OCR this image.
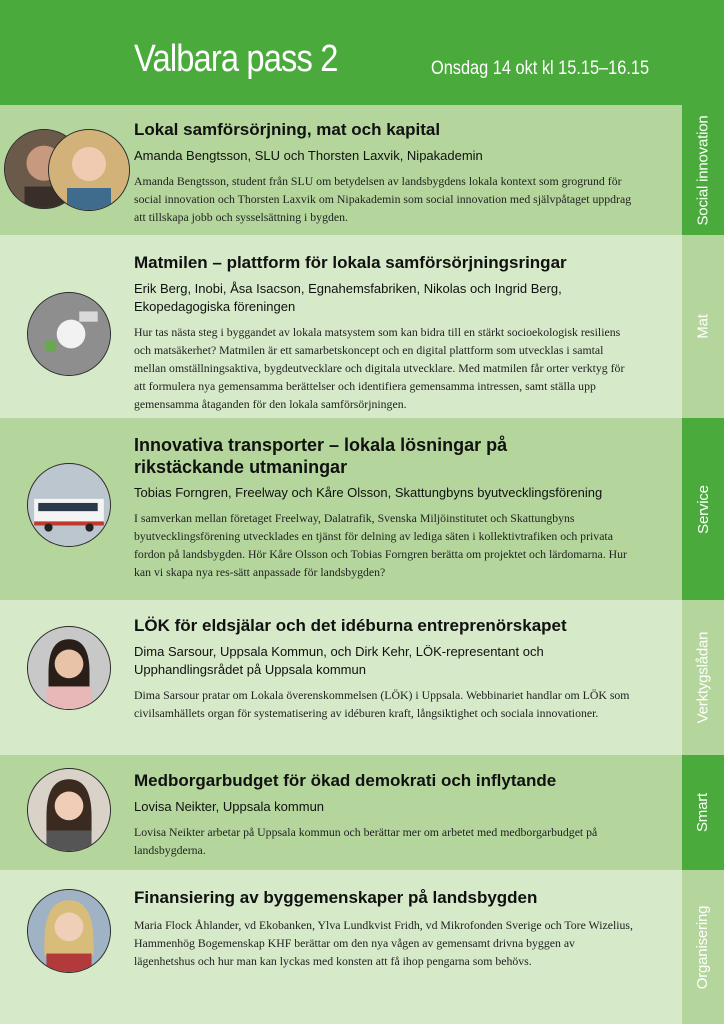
Valbara pass 2	Onsdag 14 okt kl 15.15–16.15
Lokal samförsörjning, mat och kapital
Amanda Bengtsson, SLU och Thorsten Laxvik, Nipakademin
Amanda Bengtsson, student från SLU om betydelsen av landsbygdens lokala kontext som grogrund för social innovation och Thorsten Laxvik om Nipakademin som social innovation med självpåtaget uppdrag att tillskapa jobb och sysselsättning i bygden.	Social innovation
Matmilen – plattform för lokala samförsörjningsringar
Erik Berg, Inobi, Åsa Isacson, Egnahemsfabriken, Nikolas och Ingrid Berg, Ekopedagogiska föreningen
Hur tas nästa steg i byggandet av lokala matsystem som kan bidra till en stärkt socioekologisk resiliens och matsäkerhet? Matmilen är ett samarbetskoncept och en digital plattform som utvecklas i samtal mellan omställningsaktiva, bygdeutvecklare och digitala utvecklare. Med matmilen får orter verktyg för att formulera nya gemensamma berättelser och identifiera gemensamma intressen, samt ställa upp gemensamma åtaganden för den lokala samförsörjningen.
Mat
Innovativa transporter – lokala lösningar på rikstäckande utmaningar
Tobias Forngren, Freelway och Kåre Olsson, Skattungbyns byutvecklingsförening
I samverkan mellan företaget Freelway, Dalatrafik, Svenska Miljöinstitutet och Skattungbyns byutvecklingsförening utvecklades en tjänst för delning av lediga säten i kollektivtrafiken och privata fordon på landsbygden. Hör Kåre Olsson och Tobias Forngren berätta om projektet och lärdomarna. Hur kan vi skapa nya res-sätt anpassade för landsbygden?
Service
LÖK för eldsjälar och det idéburna entreprenörskapet
Dima Sarsour, Uppsala Kommun, och Dirk Kehr, LÖK-representant och Upphandlingsrådet på Uppsala kommun
Dima Sarsour pratar om Lokala överenskommelsen (LÖK) i Uppsala. Webbinariet handlar om LÖK som civilsamhällets organ för systematisering av idéburen kraft, långsiktighet och sociala innovationer.	Verktygslådan
Medborgarbudget för ökad demokrati och inflytande
Lovisa Neikter, Uppsala kommun
Lovisa Neikter arbetar på Uppsala kommun och berättar mer om arbetet med medborgarbudget på landsbygderna.
Smart
Finansiering av byggemenskaper på landsbygden
Maria Flock Åhlander, vd Ekobanken, Ylva Lundkvist Fridh, vd Mikrofonden Sverige och Tore Wizelius, Hammenhög Bogemenskap KHF berättar om den nya vågen av gemensamt drivna byggen av lägenhetshus och hur man kan lyckas med konsten att få ihop pengarna som behövs.	Organisering
